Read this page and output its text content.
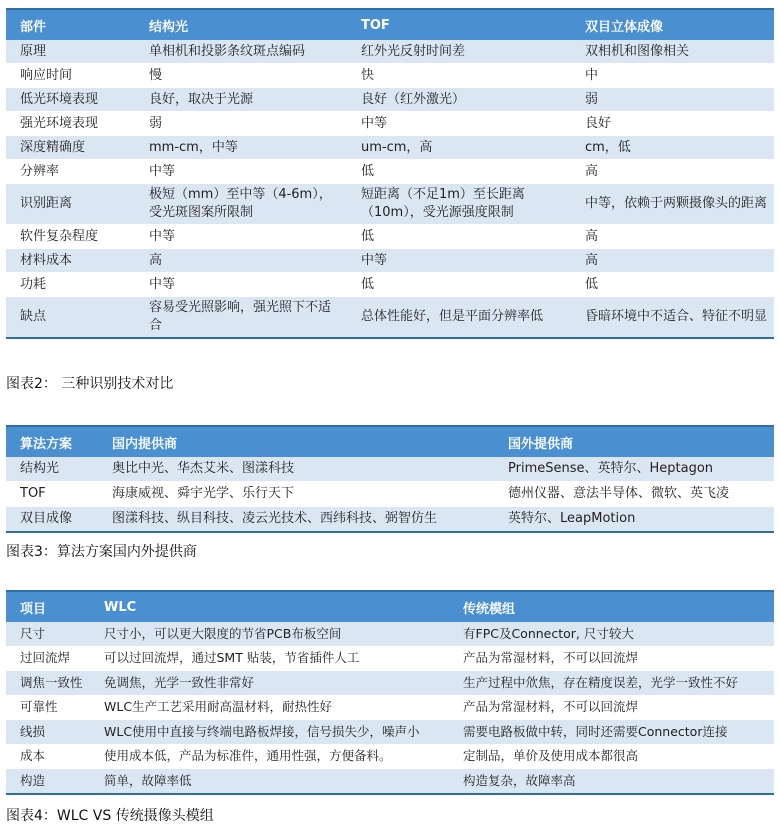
部件	结构光	TOF	双目立体成像
原理	单相机和投影条纹斑点编码	红外光反射时间差	双相机和图像相关
响应时间	慢	快	中
低光环境表现	良好，取决于光源	良好（红外激光）	弱
强光环境表现	弱	中等	良好
深度精确度	mm-cm，中等	um-cm，高	cm，低
分辨率	中等	低	高
识别距离	极短（mm）至中等（4-6m），受光斑图案所限制	短距离（不足1m）至长距离（10m），受光源强度限制	中等，依赖于两颗摄像头的距离
软件复杂程度	中等	低	高
材料成本	高	中等	高
功耗	中等	低	低
缺点	容易受光照影响，强光照下不适合	总体性能好，但是平面分辨率低	昏暗环境中不适合、特征不明显
图表2： 三种识别技术对比
算法方案	国内提供商	国外提供商
结构光	奥比中光、华杰艾米、图漾科技	PrimeSense、英特尔、Heptagon
TOF	海康威视、舜宇光学、乐行天下	德州仪器、意法半导体、微软、英飞凌
双目成像	图漾科技、纵目科技、凌云光技术、西纬科技、弼智仿生	英特尔、LeapMotion
图表3：算法方案国内外提供商
项目	WLC	传统模组
尺寸	尺寸小，可以更大限度的节省PCB布板空间	有FPC及Connector, 尺寸较大
过回流焊	可以过回流焊，通过SMT 贴装，节省插件人工	产品为常湿材料，不可以回流焊
调焦一致性	免调焦，光学一致性非常好	生产过程中㰡焦，存在精度误差，光学一致性不好
可靠性	WLC生产工艺采用耐高温材料，耐热性好	产品为常湿材料，不可以回流焊
线损	WLC使用中直接与终端电路板焊接，信号损失少，噪声小	需要电路板做中转，同时还需要Connector连接
成本	使用成本低，产品为标准件，通用性强，方便备料。	定制品，单价及使用成本都很高
构造	简单，故障率低	构造复杂，故障率高
图表4：WLC VS 传统摄像头模组
